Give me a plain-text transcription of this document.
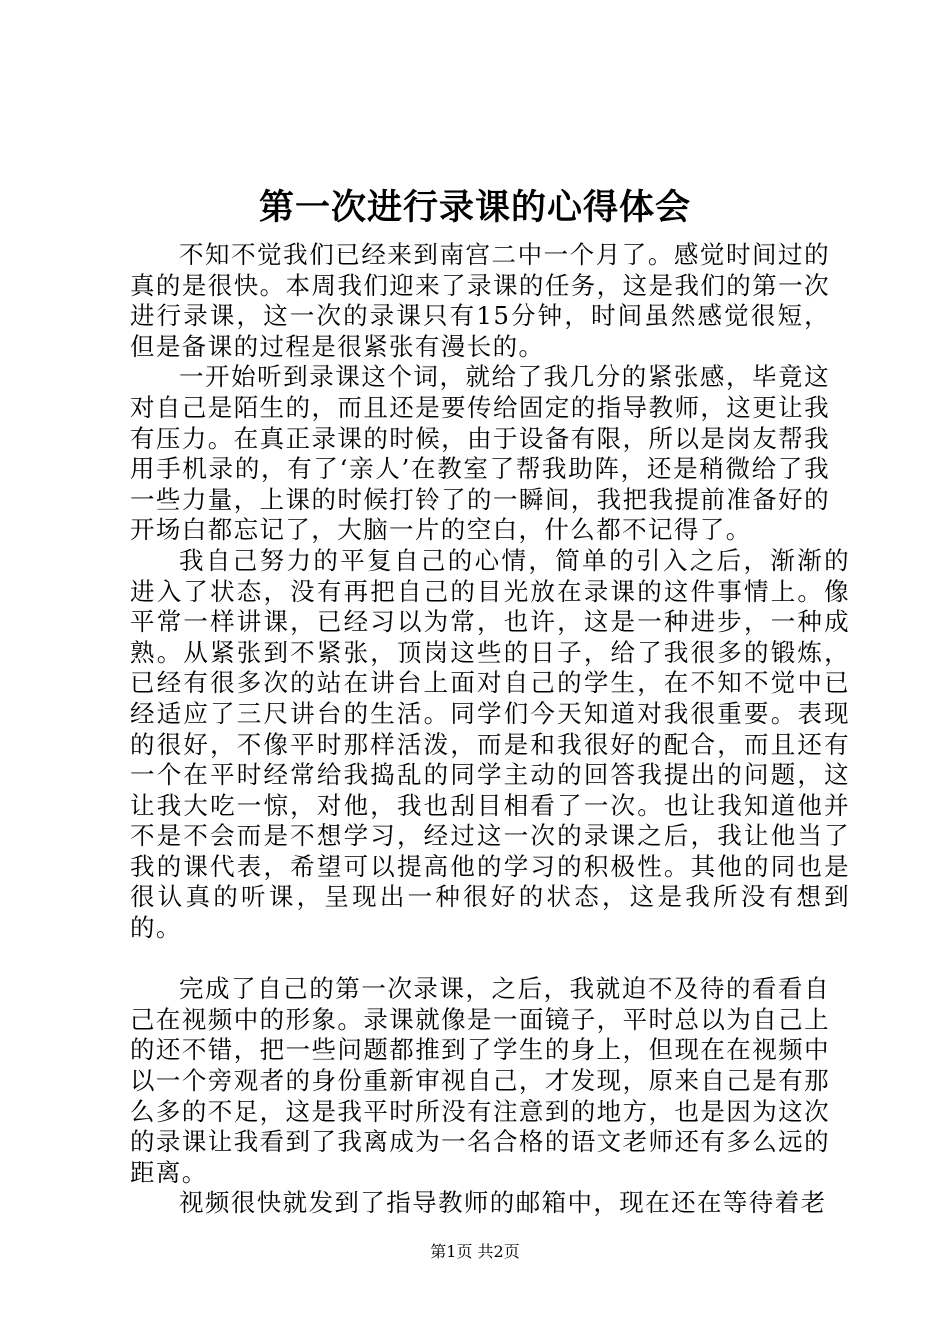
第一次进行录课的心得体会

不知不觉我们已经来到南宫二中一个月了。感觉时间过的真的是很快。本周我们迎来了录课的任务，这是我们的第一次进行录课，这一次的录课只有15分钟，时间虽然感觉很短，但是备课的过程是很紧张有漫长的。

一开始听到录课这个词，就给了我几分的紧张感，毕竟这对自己是陌生的，而且还是要传给固定的指导教师，这更让我有压力。在真正录课的时候，由于设备有限，所以是岗友帮我用手机录的，有了‘亲人’在教室了帮我助阵，还是稍微给了我一些力量，上课的时候打铃了的一瞬间，我把我提前准备好的开场白都忘记了，大脑一片的空白，什么都不记得了。

我自己努力的平复自己的心情，简单的引入之后，渐渐的进入了状态，没有再把自己的目光放在录课的这件事情上。像平常一样讲课，已经习以为常，也许，这是一种进步，一种成熟。从紧张到不紧张，顶岗这些的日子，给了我很多的锻炼，已经有很多次的站在讲台上面对自己的学生，在不知不觉中已经适应了三尺讲台的生活。同学们今天知道对我很重要。表现的很好，不像平时那样活泼，而是和我很好的配合，而且还有一个在平时经常给我捣乱的同学主动的回答我提出的问题，这让我大吃一惊，对他，我也刮目相看了一次。也让我知道他并不是不会而是不想学习，经过这一次的录课之后，我让他当了我的课代表，希望可以提高他的学习的积极性。其他的同也是很认真的听课，呈现出一种很好的状态，这是我所没有想到的。

完成了自己的第一次录课，之后，我就迫不及待的看看自己在视频中的形象。录课就像是一面镜子，平时总以为自己上的还不错，把一些问题都推到了学生的身上，但现在在视频中以一个旁观者的身份重新审视自己，才发现，原来自己是有那么多的不足，这是我平时所没有注意到的地方，也是因为这次的录课让我看到了我离成为一名合格的语文老师还有多么远的距离。

视频很快就发到了指导教师的邮箱中，现在还在等待着老

第1页 共2页
